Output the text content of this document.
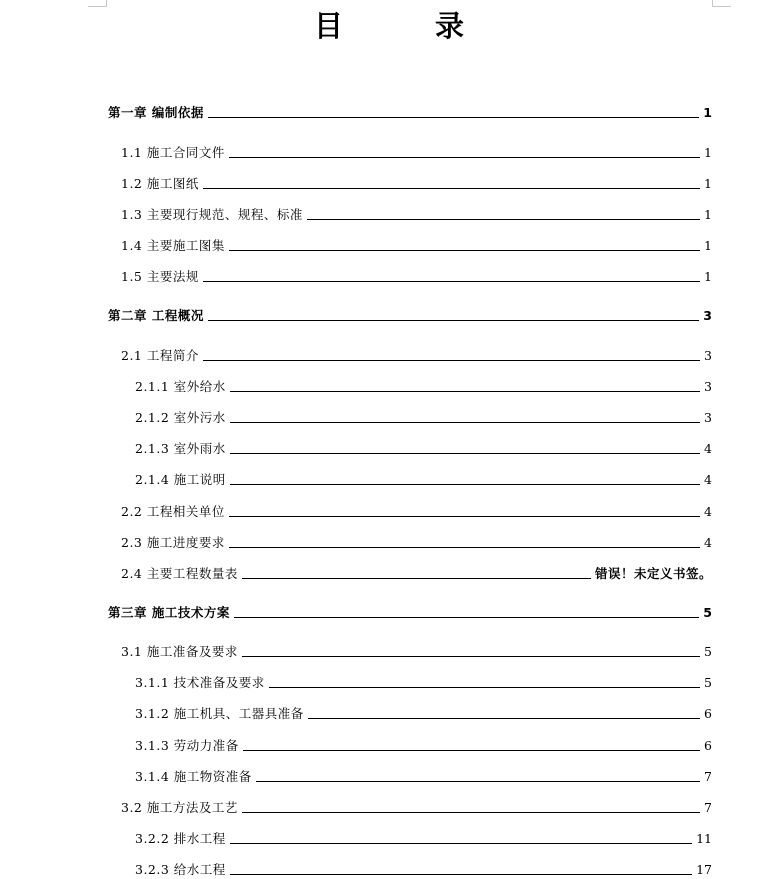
目	录
第一章 编制依据	1
1.1 施工合同文件	1
1.2 施工图纸	1
1.3 主要现行规范、规程、标准	1
1.4 主要施工图集	1
1.5 主要法规	1
第二章 工程概况	3
2.1 工程简介	3
2.1.1 室外给水	3
2.1.2 室外污水	3
2.1.3 室外雨水	4
2.1.4 施工说明	4
2.2 工程相关单位	4
2.3 施工进度要求	4
2.4 主要工程数量表	错误！未定义书签。
第三章 施工技术方案	5
3.1 施工准备及要求	5
3.1.1 技术准备及要求	5
3.1.2 施工机具、工器具准备	6
3.1.3 劳动力准备	6
3.1.4 施工物资准备	7
3.2 施工方法及工艺	7
3.2.2 排水工程	11
3.2.3 给水工程	17
